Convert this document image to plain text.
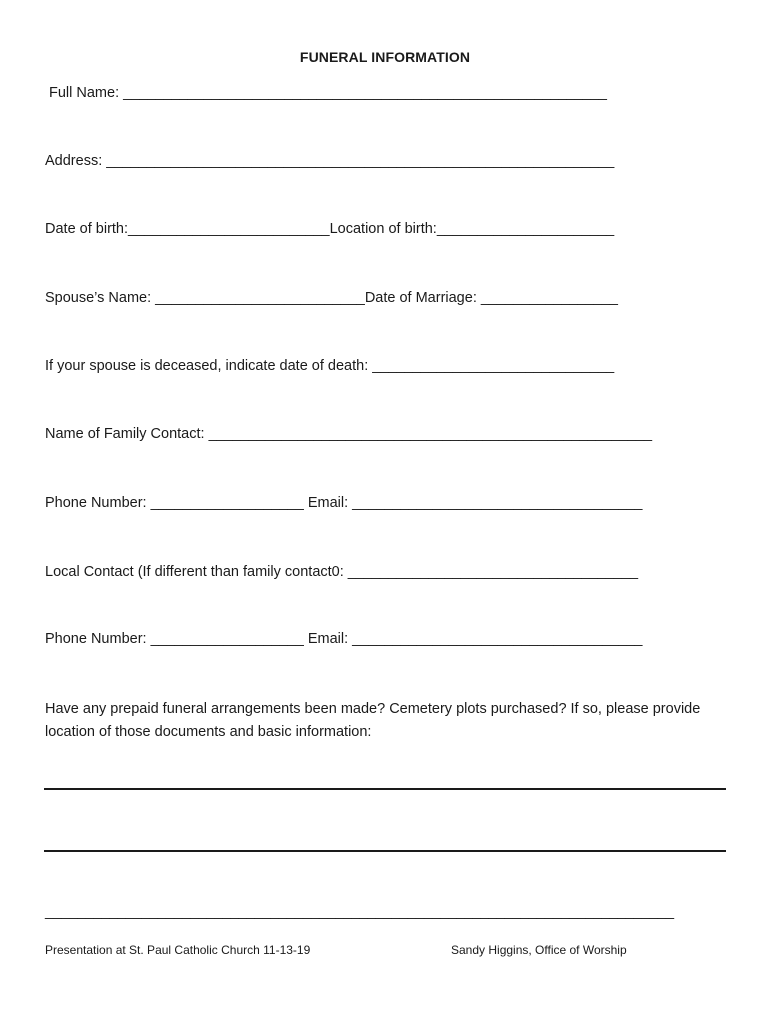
FUNERAL INFORMATION
Full Name: ____________________________________________________________
Address: _______________________________________________________________
Date of birth:_________________________Location of birth:______________________
Spouse’s Name: __________________________Date of Marriage: _________________
If your spouse is deceased, indicate date of death: ______________________________
Name of Family Contact: _______________________________________________________
Phone Number: ___________________ Email: ____________________________________
Local Contact (If different than family contact0: ____________________________________
Phone Number: ___________________ Email: ____________________________________
Have any prepaid funeral arrangements been made? Cemetery plots purchased? If so, please provide location of those documents and basic information:
______________________________________________________________________________
Presentation at St. Paul Catholic Church 11-13-19	Sandy Higgins, Office of Worship
